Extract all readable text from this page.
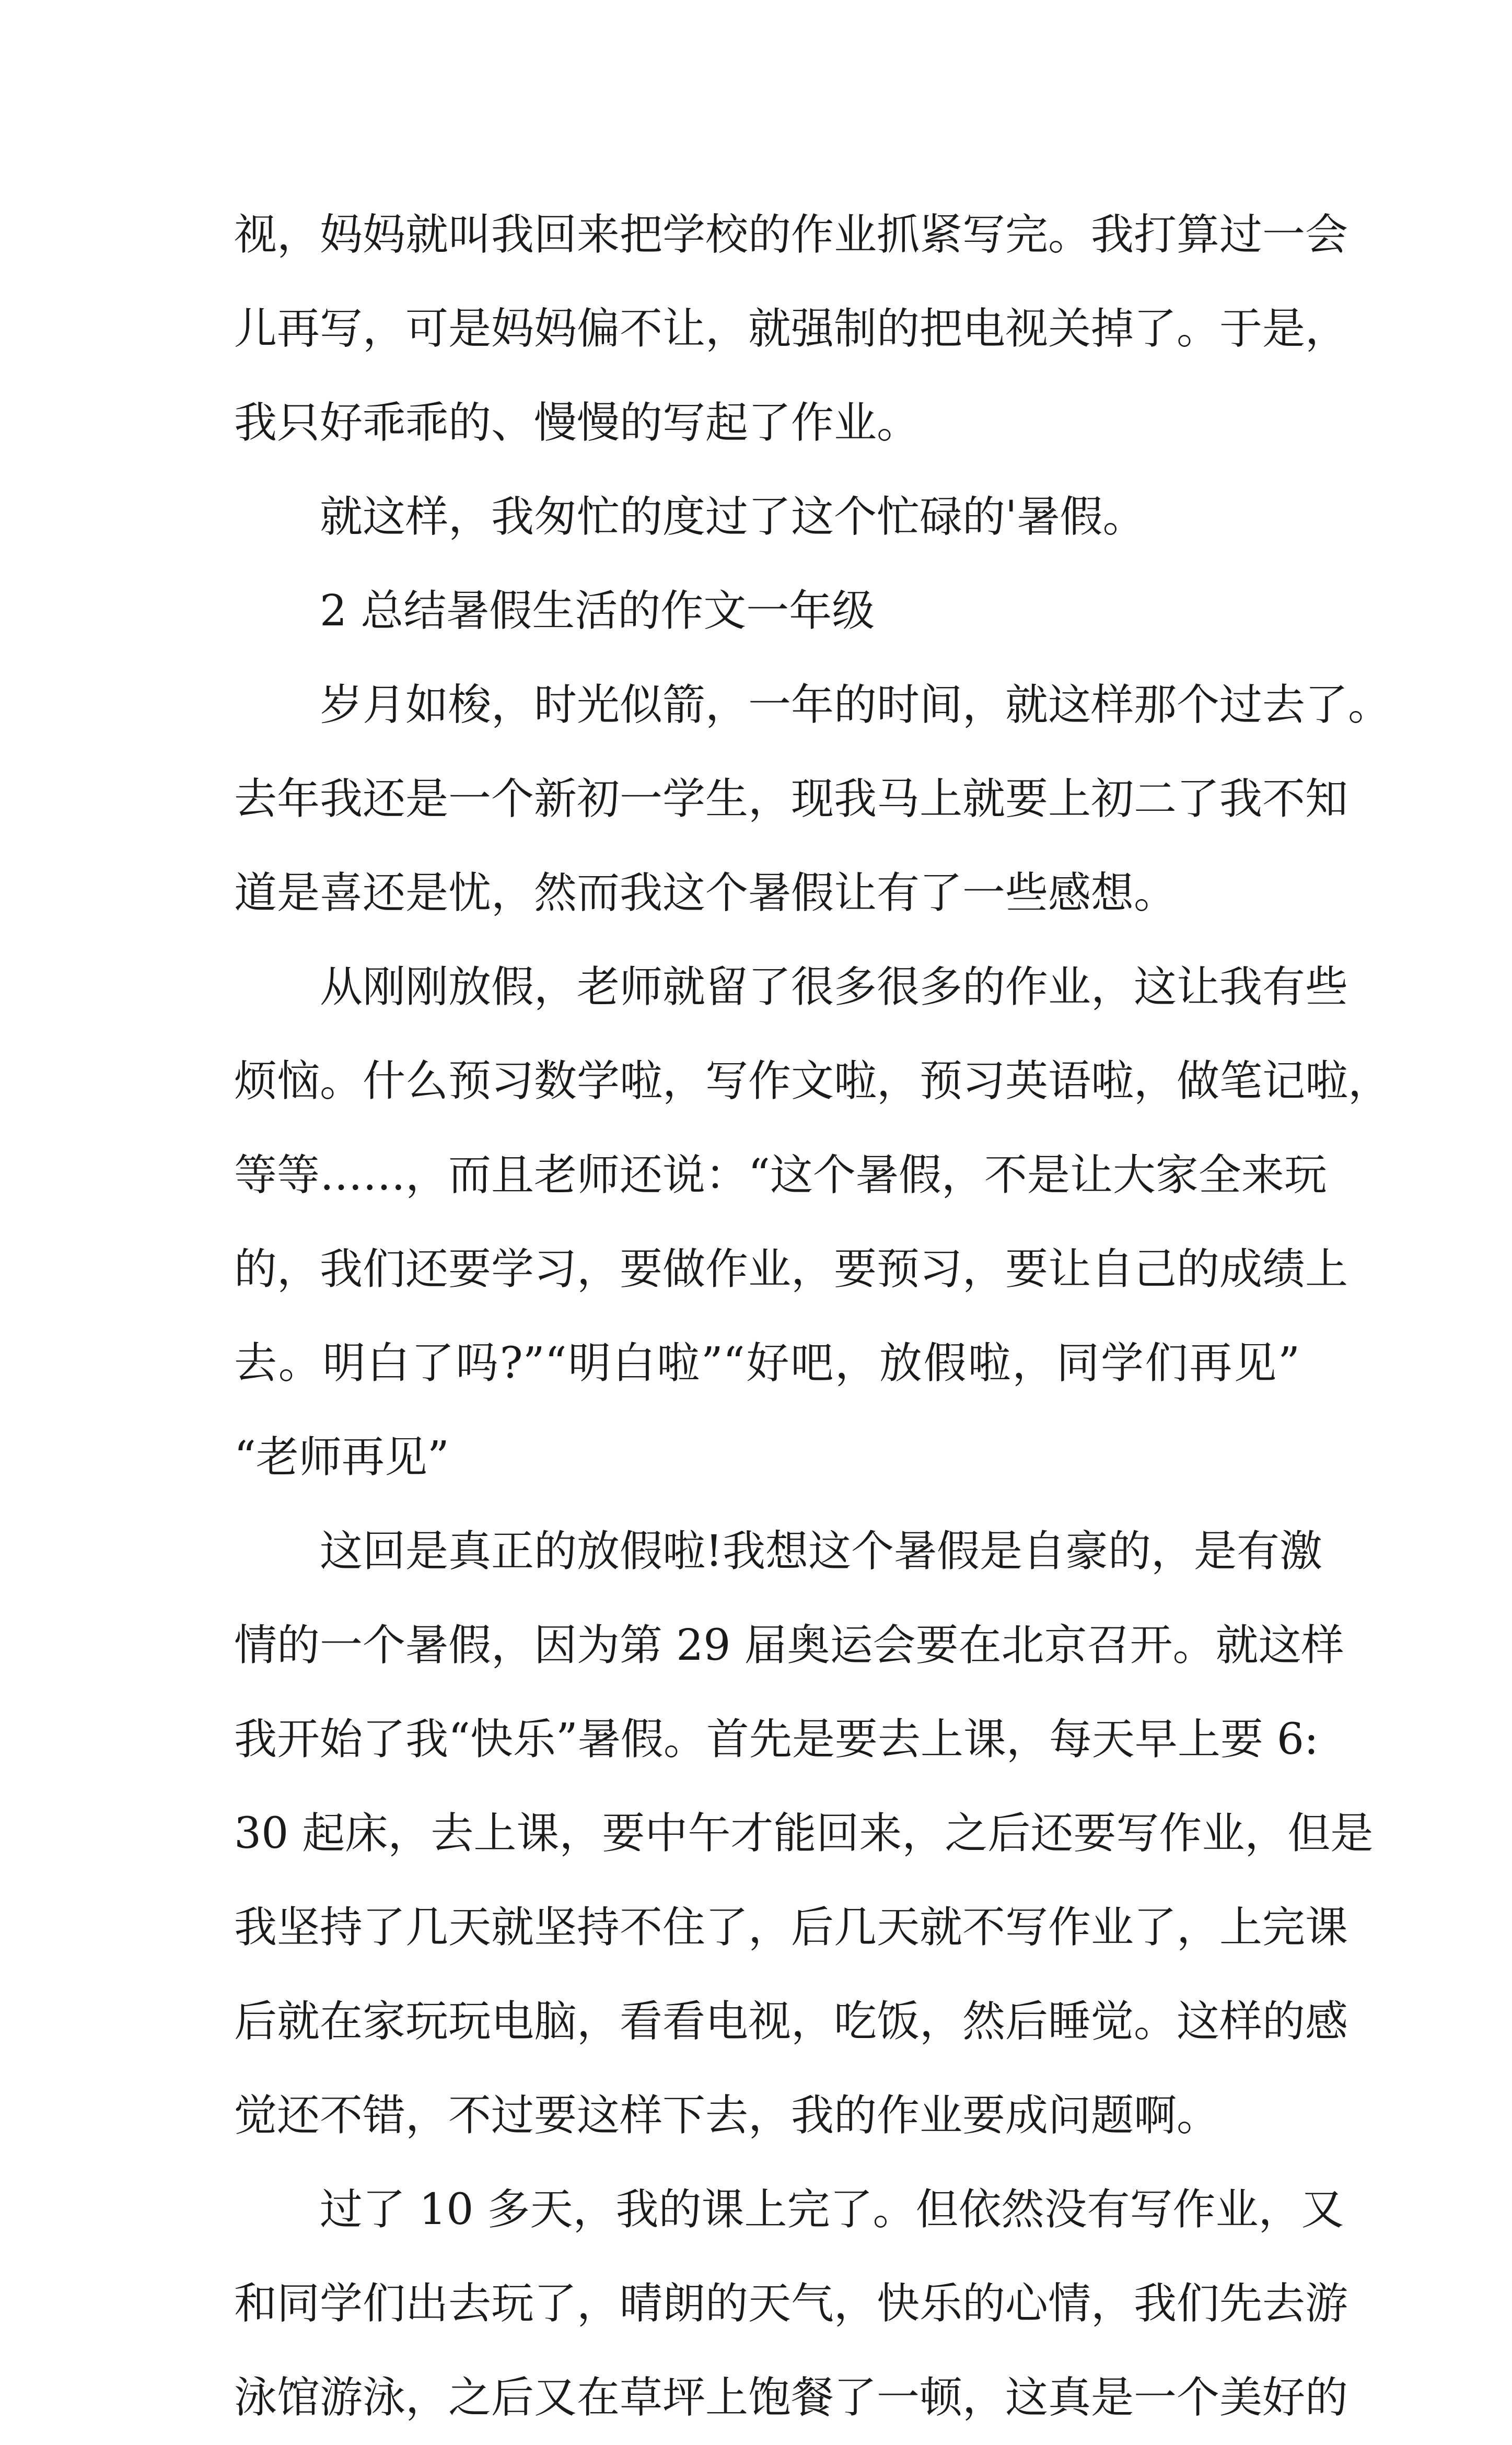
视，妈妈就叫我回来把学校的作业抓紧写完。我打算过一会
儿再写，可是妈妈偏不让，就强制的把电视关掉了。于是，
我只好乖乖的、慢慢的写起了作业。
就这样，我匆忙的度过了这个忙碌的'暑假。
2 总结暑假生活的作文一年级
岁月如梭，时光似箭，一年的时间，就这样那个过去了。
去年我还是一个新初一学生，现我马上就要上初二了我不知
道是喜还是忧，然而我这个暑假让有了一些感想。
从刚刚放假，老师就留了很多很多的作业，这让我有些
烦恼。什么预习数学啦，写作文啦，预习英语啦，做笔记啦，
等等……，而且老师还说：“这个暑假，不是让大家全来玩
的，我们还要学习，要做作业，要预习，要让自己的成绩上
去。明白了吗?”“明白啦”“好吧，放假啦，同学们再见”
“老师再见”
这回是真正的放假啦!我想这个暑假是自豪的，是有激
情的一个暑假，因为第 29 届奥运会要在北京召开。就这样
我开始了我“快乐”暑假。首先是要去上课，每天早上要 6:
30 起床，去上课，要中午才能回来，之后还要写作业，但是
我坚持了几天就坚持不住了，后几天就不写作业了，上完课
后就在家玩玩电脑，看看电视，吃饭，然后睡觉。这样的感
觉还不错，不过要这样下去，我的作业要成问题啊。
过了 10 多天，我的课上完了。但依然没有写作业，又
和同学们出去玩了，晴朗的天气，快乐的心情，我们先去游
泳馆游泳，之后又在草坪上饱餐了一顿，这真是一个美好的
